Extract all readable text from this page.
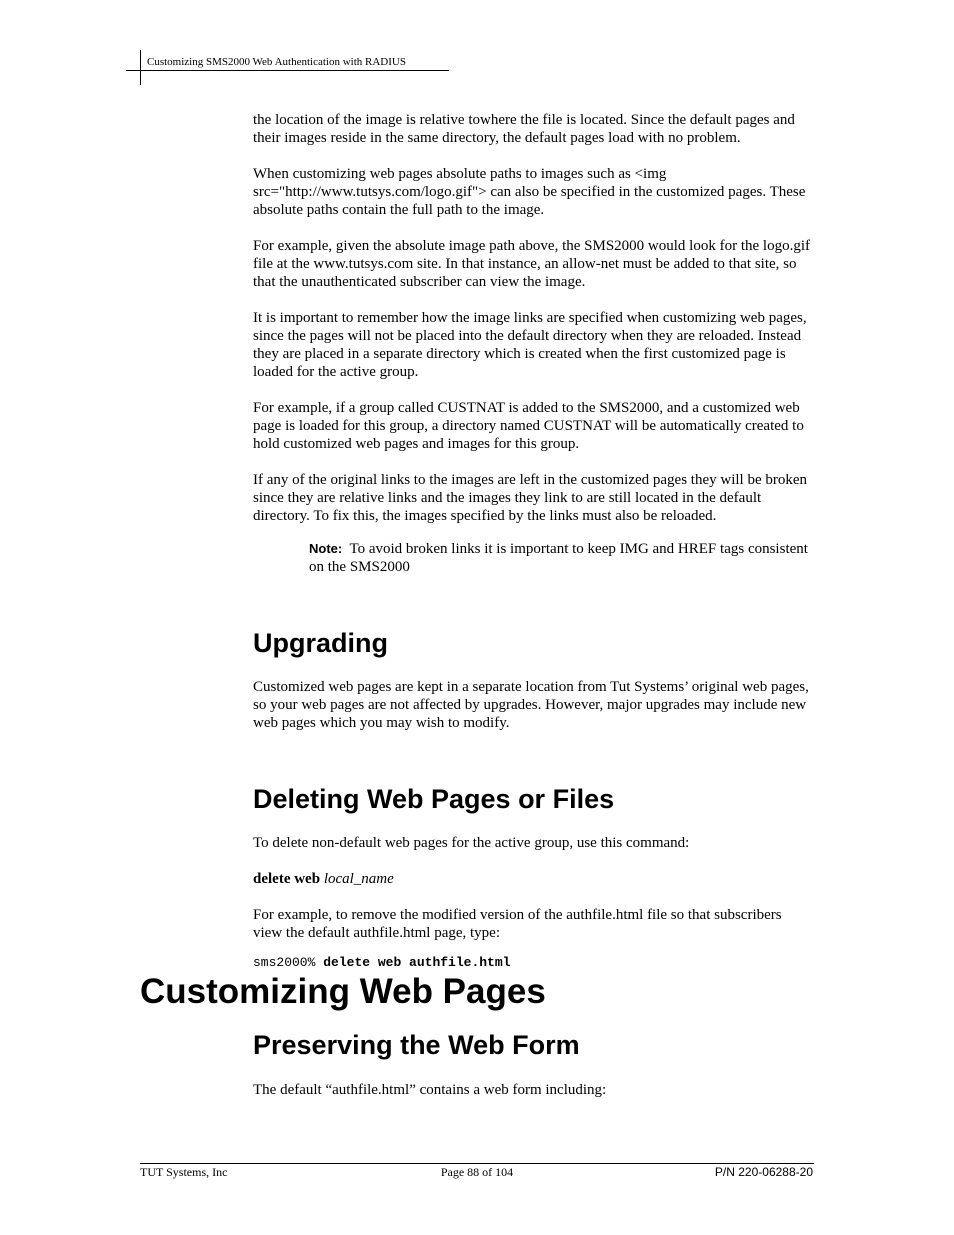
Customizing SMS2000 Web Authentication with RADIUS

the location of the image is relative towhere the file is located. Since the default pages and their images reside in the same directory, the default pages load with no problem.

When customizing web pages absolute paths to images such as <img src="http://www.tutsys.com/logo.gif"> can also be specified in the customized pages. These absolute paths contain the full path to the image.

For example, given the absolute image path above, the SMS2000 would look for the logo.gif file at the www.tutsys.com site. In that instance, an allow-net must be added to that site, so that the unauthenticated subscriber can view the image.

It is important to remember how the image links are specified when customizing web pages, since the pages will not be placed into the default directory when they are reloaded. Instead they are placed in a separate directory which is created when the first customized page is loaded for the active group.

For example, if a group called CUSTNAT is added to the SMS2000, and a customized web page is loaded for this group, a directory named CUSTNAT will be automatically created to hold customized web pages and images for this group.

If any of the original links to the images are left in the customized pages they will be broken since they are relative links and the images they link to are still located in the default directory. To fix this, the images specified by the links must also be reloaded.

Note: To avoid broken links it is important to keep IMG and HREF tags consistent on the SMS2000

Upgrading

Customized web pages are kept in a separate location from Tut Systems’ original web pages, so your web pages are not affected by upgrades. However, major upgrades may include new web pages which you may wish to modify.

Deleting Web Pages or Files

To delete non-default web pages for the active group, use this command:

delete web local_name

For example, to remove the modified version of the authfile.html file so that subscribers view the default authfile.html page, type:

sms2000% delete web authfile.html
Customizing Web Pages
Preserving the Web Form

The default “authfile.html” contains a web form including:

TUT Systems, Inc	Page 88 of 104	P/N 220-06288-20
